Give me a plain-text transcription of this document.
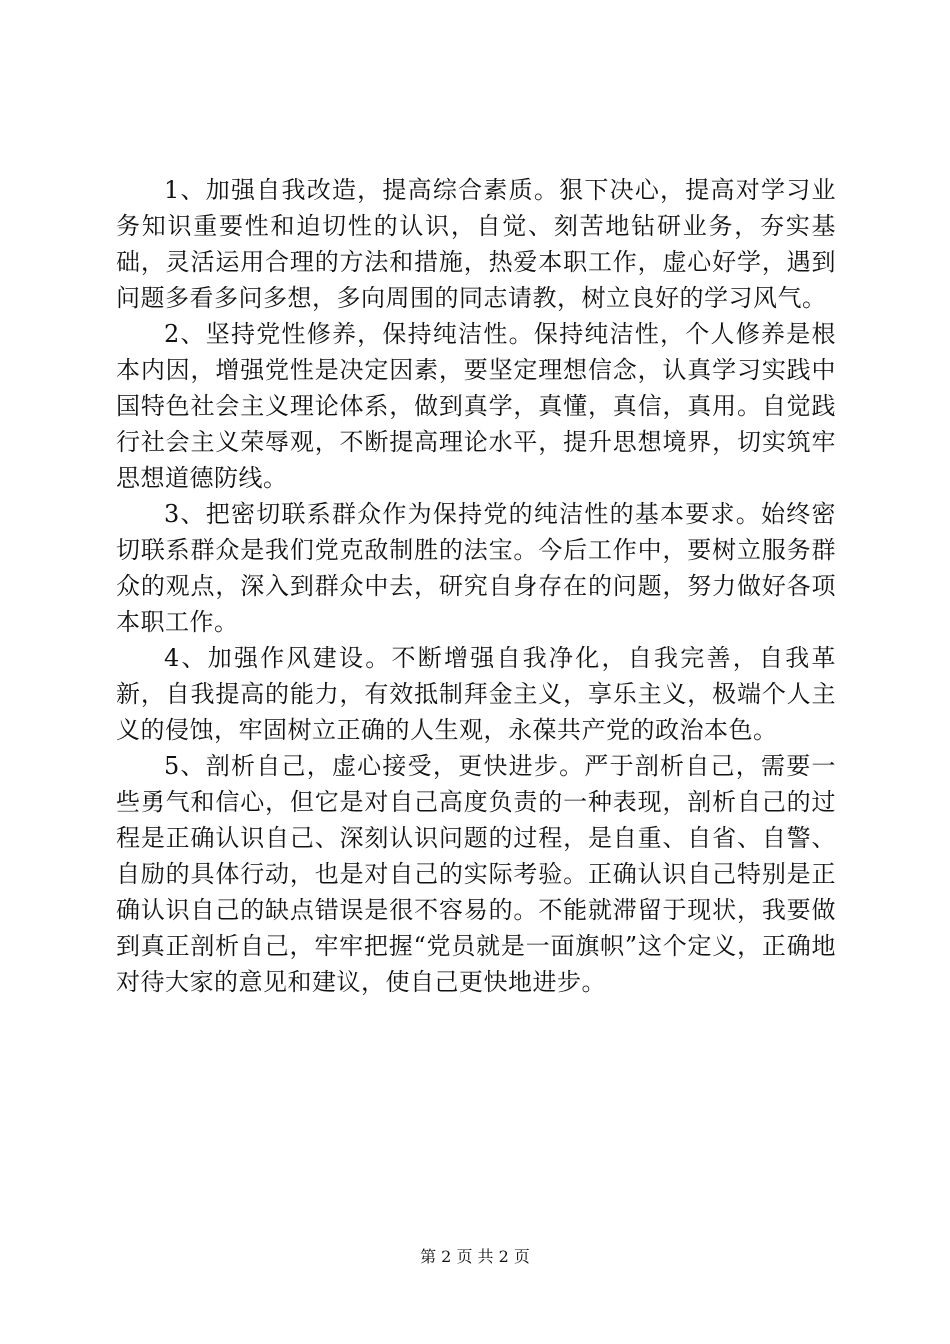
1、加强自我改造，提高综合素质。狠下决心，提高对学习业务知识重要性和迫切性的认识，自觉、刻苦地钻研业务，夯实基础，灵活运用合理的方法和措施，热爱本职工作，虚心好学，遇到问题多看多问多想，多向周围的同志请教，树立良好的学习风气。

2、坚持党性修养，保持纯洁性。保持纯洁性，个人修养是根本内因，增强党性是决定因素，要坚定理想信念，认真学习实践中国特色社会主义理论体系，做到真学，真懂，真信，真用。自觉践行社会主义荣辱观，不断提高理论水平，提升思想境界，切实筑牢思想道德防线。

3、把密切联系群众作为保持党的纯洁性的基本要求。始终密切联系群众是我们党克敌制胜的法宝。今后工作中，要树立服务群众的观点，深入到群众中去，研究自身存在的问题，努力做好各项本职工作。

4、加强作风建设。不断增强自我净化，自我完善，自我革新，自我提高的能力，有效抵制拜金主义，享乐主义，极端个人主义的侵蚀，牢固树立正确的人生观，永葆共产党的政治本色。

5、剖析自己，虚心接受，更快进步。严于剖析自己，需要一些勇气和信心，但它是对自己高度负责的一种表现，剖析自己的过程是正确认识自己、深刻认识问题的过程，是自重、自省、自警、自励的具体行动，也是对自己的实际考验。正确认识自己特别是正确认识自己的缺点错误是很不容易的。不能就滞留于现状，我要做到真正剖析自己，牢牢把握“党员就是一面旗帜”这个定义，正确地对待大家的意见和建议，使自己更快地进步。

第 2 页 共 2 页
